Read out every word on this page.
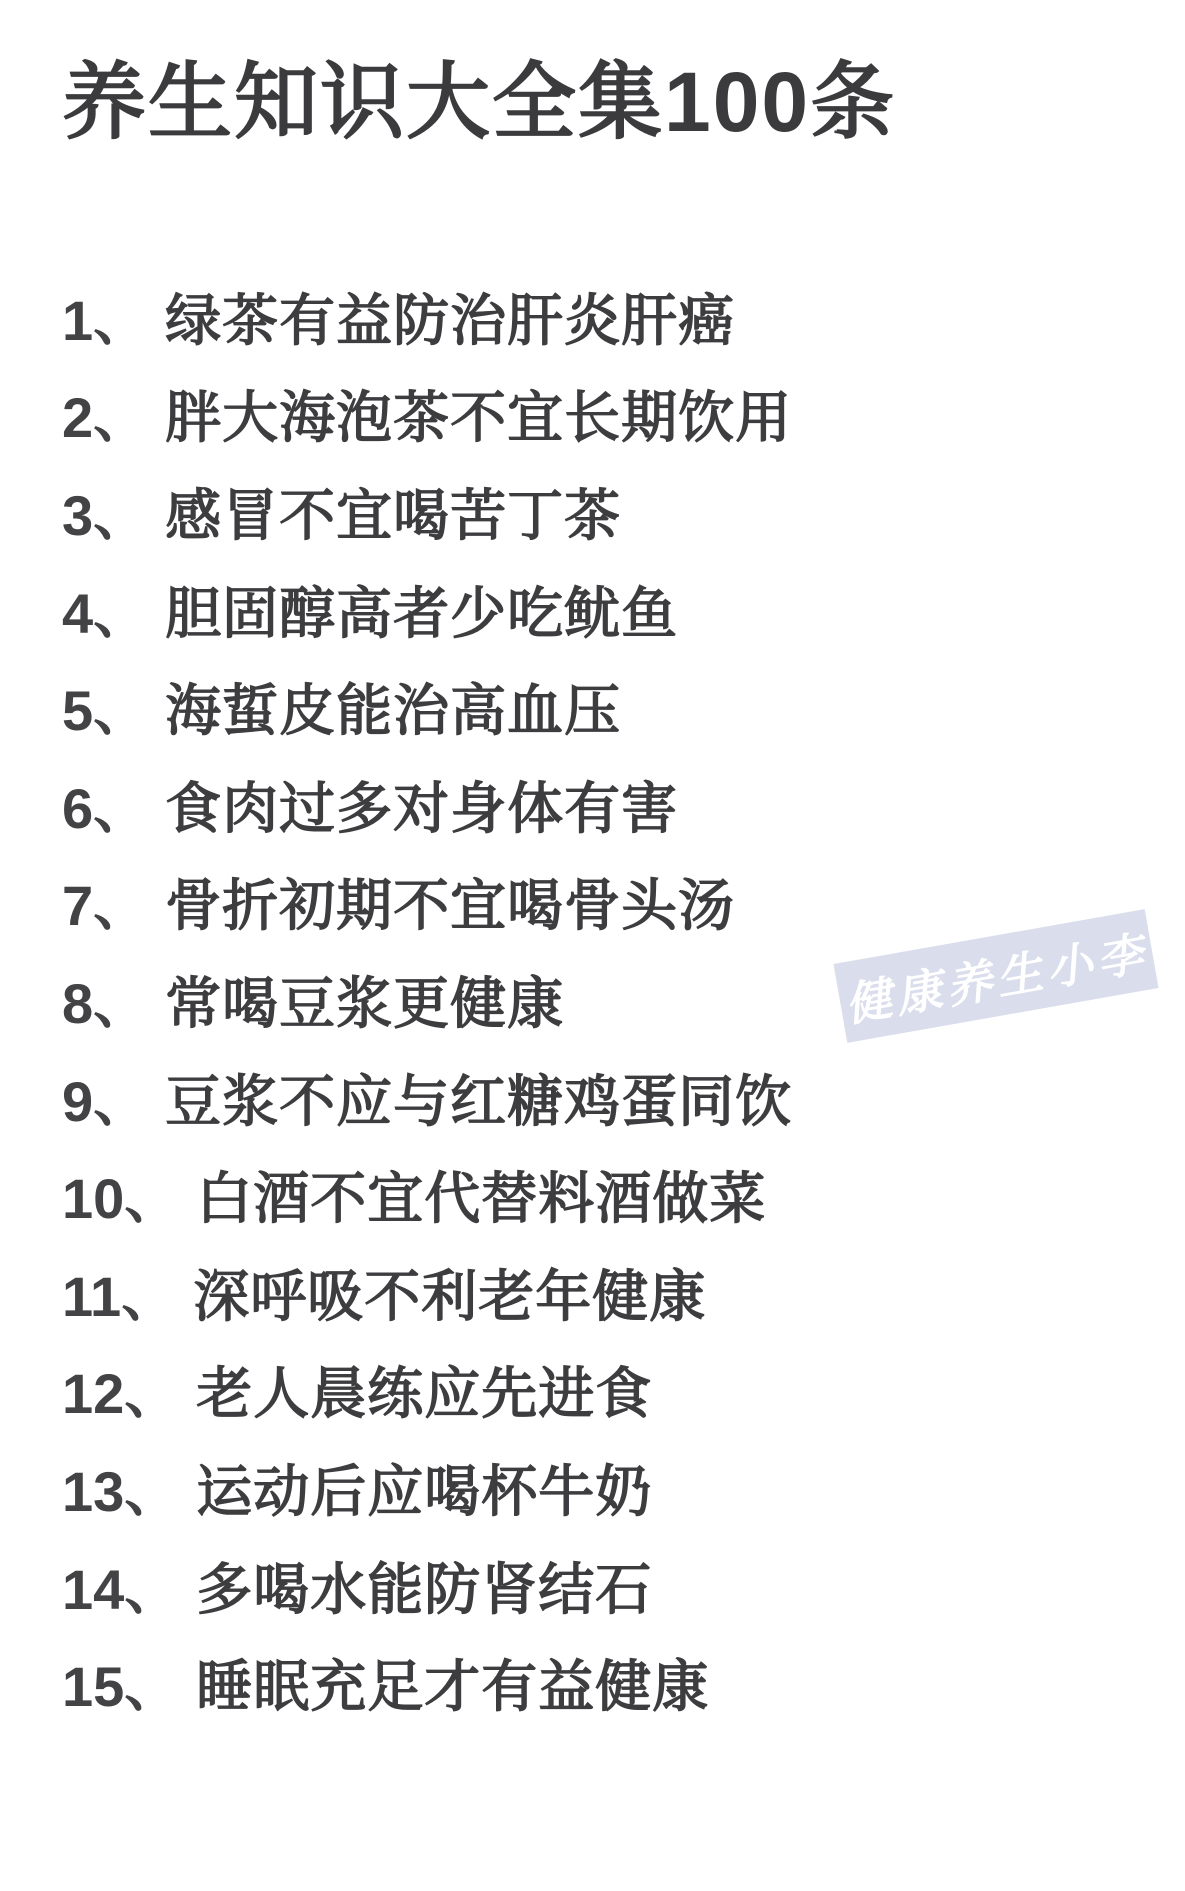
养生知识大全集100条
1、 绿茶有益防治肝炎肝癌
2、 胖大海泡茶不宜长期饮用
3、 感冒不宜喝苦丁茶
4、 胆固醇高者少吃鱿鱼
5、 海蜇皮能治高血压
6、 食肉过多对身体有害
7、 骨折初期不宜喝骨头汤
8、 常喝豆浆更健康
9、 豆浆不应与红糖鸡蛋同饮
10、 白酒不宜代替料酒做菜
11、 深呼吸不利老年健康
12、 老人晨练应先进食
13、 运动后应喝杯牛奶
14、 多喝水能防肾结石
15、 睡眠充足才有益健康
健康养生小李
